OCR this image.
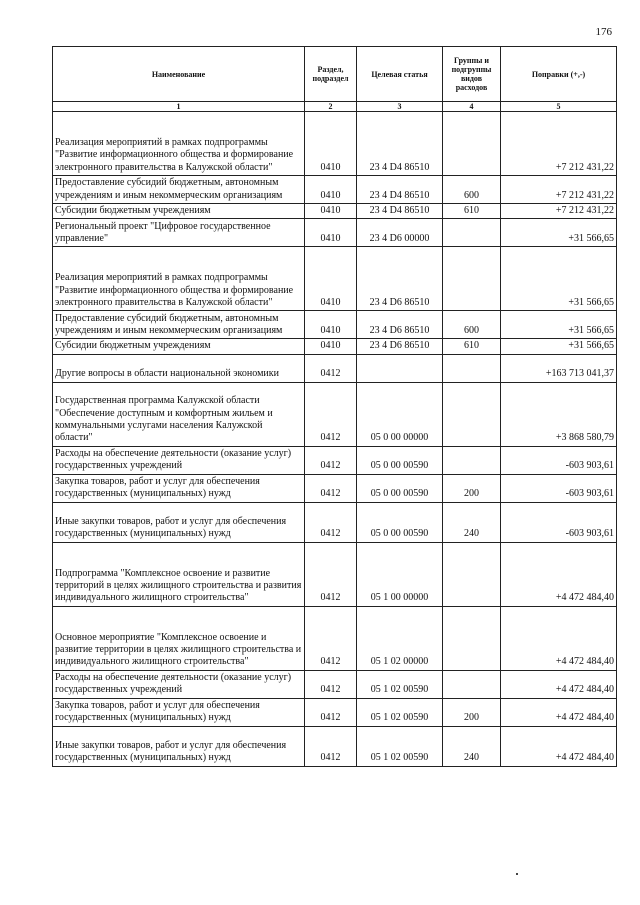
176
Наименование	Раздел, подраздел	Целевая статья	Группы и подгруппы видов расходов	Поправки (+,-)
1	2	3	4	5
Реализация мероприятий в рамках подпрограммы "Развитие информационного общества и формирование электронного правительства в Калужской области"	0410	23 4 D4 86510		+7 212 431,22
Предоставление субсидий бюджетным, автономным учреждениям и иным некоммерческим организациям	0410	23 4 D4 86510	600	+7 212 431,22
Субсидии бюджетным учреждениям	0410	23 4 D4 86510	610	+7 212 431,22
Региональный проект "Цифровое государственное управление"	0410	23 4 D6 00000		+31 566,65
Реализация мероприятий в рамках подпрограммы "Развитие информационного общества и формирование электронного правительства в Калужской области"	0410	23 4 D6 86510		+31 566,65
Предоставление субсидий бюджетным, автономным учреждениям и иным некоммерческим организациям	0410	23 4 D6 86510	600	+31 566,65
Субсидии бюджетным учреждениям	0410	23 4 D6 86510	610	+31 566,65
Другие вопросы в области национальной экономики	0412			+163 713 041,37
Государственная программа Калужской области "Обеспечение доступным и комфортным жильем и коммунальными услугами населения Калужской области"	0412	05 0 00 00000		+3 868 580,79
Расходы на обеспечение деятельности (оказание услуг) государственных учреждений	0412	05 0 00 00590		-603 903,61
Закупка товаров, работ и услуг для обеспечения государственных (муниципальных) нужд	0412	05 0 00 00590	200	-603 903,61
Иные закупки товаров, работ и услуг для обеспечения государственных (муниципальных) нужд	0412	05 0 00 00590	240	-603 903,61
Подпрограмма "Комплексное освоение и развитие территорий в целях жилищного строительства и развития индивидуального жилищного строительства"	0412	05 1 00 00000		+4 472 484,40
Основное мероприятие "Комплексное освоение и развитие территории в целях жилищного строительства и индивидуального жилищного строительства"	0412	05 1 02 00000		+4 472 484,40
Расходы на обеспечение деятельности (оказание услуг) государственных учреждений	0412	05 1 02 00590		+4 472 484,40
Закупка товаров, работ и услуг для обеспечения государственных (муниципальных) нужд	0412	05 1 02 00590	200	+4 472 484,40
Иные закупки товаров, работ и услуг для обеспечения государственных (муниципальных) нужд	0412	05 1 02 00590	240	+4 472 484,40
